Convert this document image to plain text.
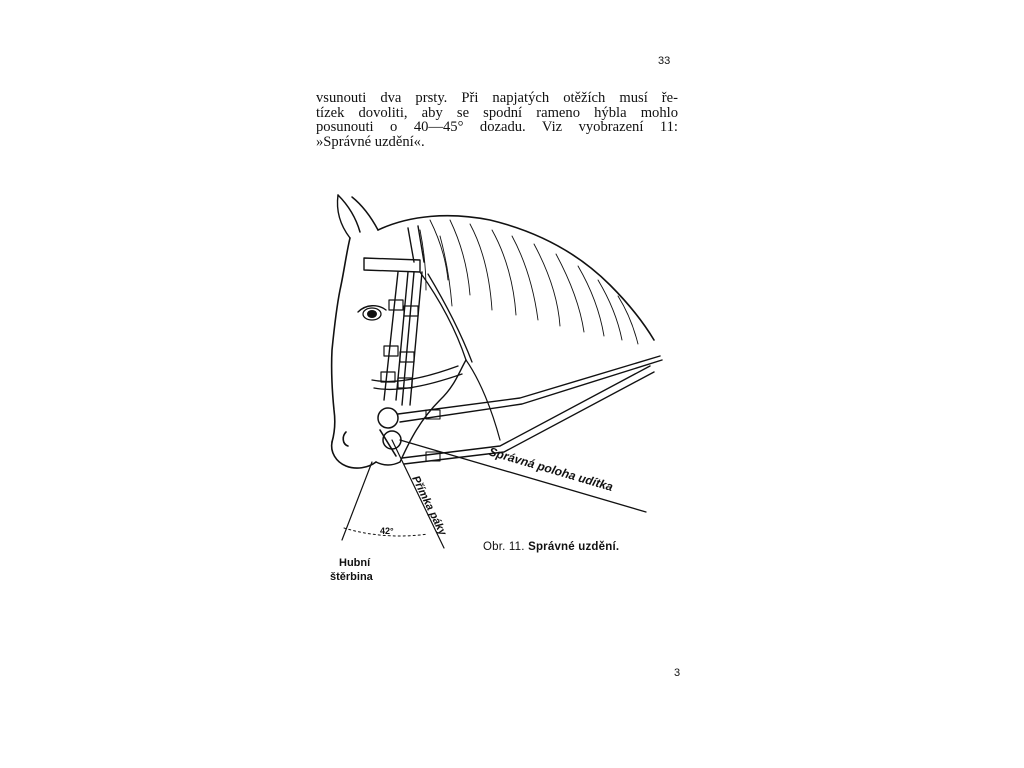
33
vsunouti dva prsty. Při napjatých otěžích musí ře-
tízek dovoliti, aby se spodní rameno hýbla mohlo
posunouti o 40—45° dozadu. Viz vyobrazení 11:
»Správné uzdění«.
Správná poloha udítka
Přímka páky
42°
Hubní
štěrbina
Obr. 11. Správné uzdění.
3
